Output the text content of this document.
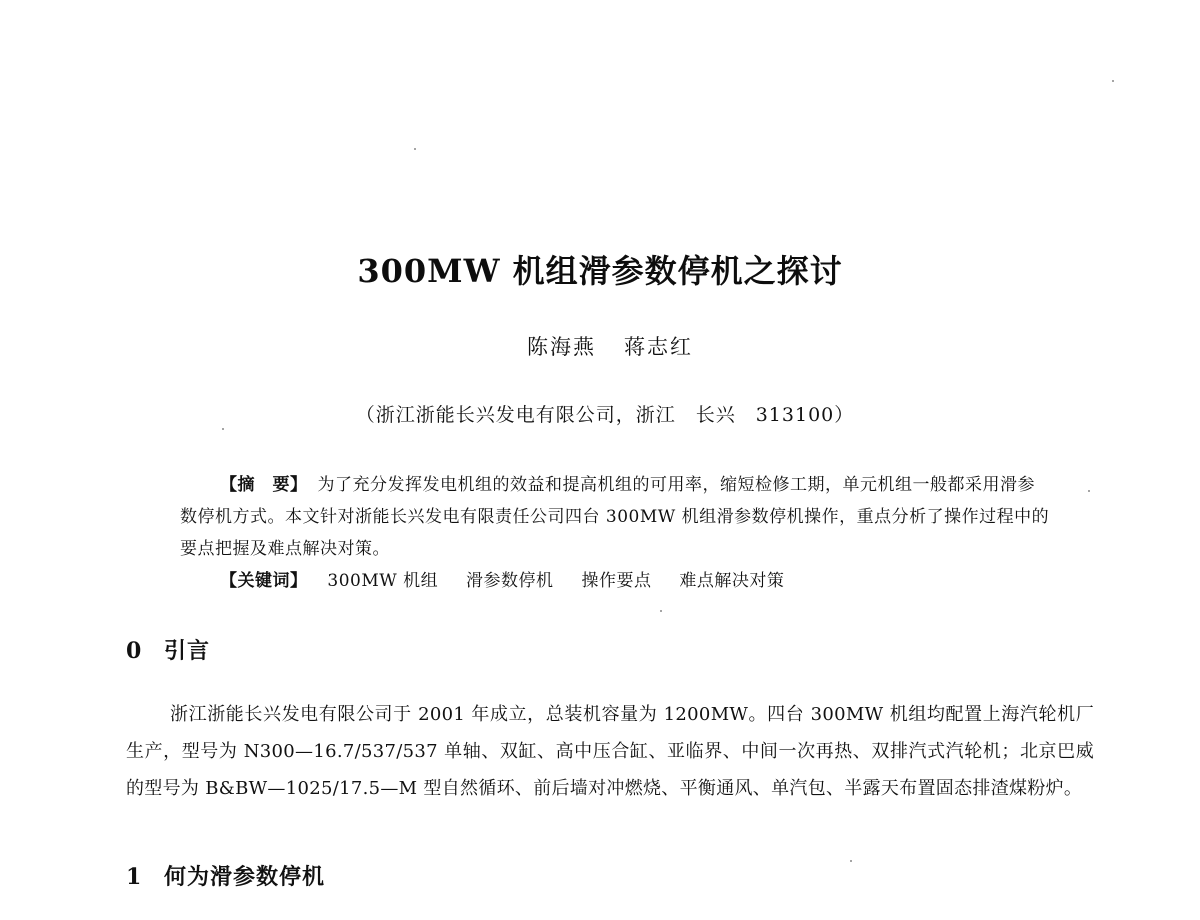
300MW 机组滑参数停机之探讨
陈海燕 蒋志红
（浙江浙能长兴发电有限公司，浙江　长兴　313100）
【摘　要】 为了充分发挥发电机组的效益和提高机组的可用率，缩短检修工期，单元机组一般都采用滑参数停机方式。本文针对浙能长兴发电有限责任公司四台 300MW 机组滑参数停机操作，重点分析了操作过程中的要点把握及难点解决对策。
【关键词】 300MW 机组 滑参数停机 操作要点 难点解决对策
0 引言
浙江浙能长兴发电有限公司于 2001 年成立，总装机容量为 1200MW。四台 300MW 机组均配置上海汽轮机厂生产，型号为 N300—16.7/537/537 单轴、双缸、高中压合缸、亚临界、中间一次再热、双排汽式汽轮机；北京巴威的型号为 B&BW—1025/17.5—M 型自然循环、前后墙对冲燃烧、平衡通风、单汽包、半露天布置固态排渣煤粉炉。
1 何为滑参数停机
